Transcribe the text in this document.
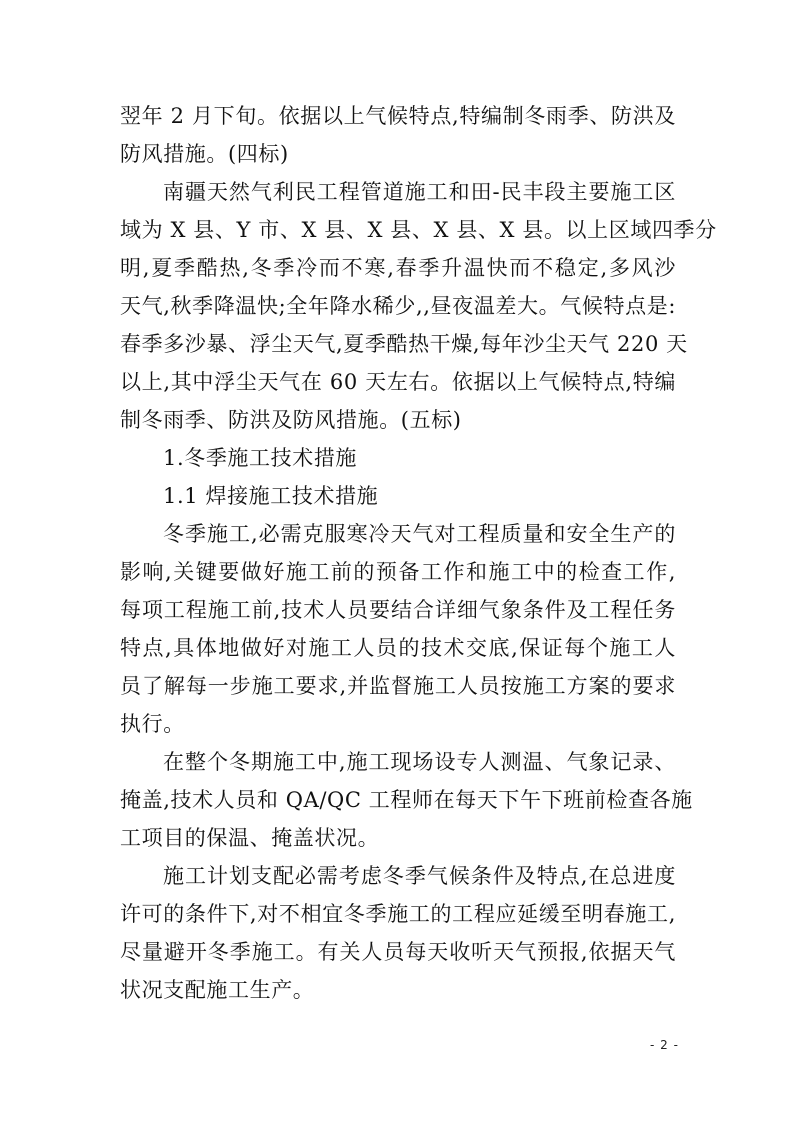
翌年 2 月下旬。依据以上气候特点,特编制冬雨季、防洪及
防风措施。(四标)
南疆天然气利民工程管道施工和田-民丰段主要施工区
域为 X 县、Y 市、X 县、X 县、X 县、X 县。以上区域四季分
明,夏季酷热,冬季冷而不寒,春季升温快而不稳定,多风沙
天气,秋季降温快;全年降水稀少,,昼夜温差大。气候特点是:
春季多沙暴、浮尘天气,夏季酷热干燥,每年沙尘天气 220 天
以上,其中浮尘天气在 60 天左右。依据以上气候特点,特编
制冬雨季、防洪及防风措施。(五标)
1.冬季施工技术措施
1.1 焊接施工技术措施
冬季施工,必需克服寒冷天气对工程质量和安全生产的
影响,关键要做好施工前的预备工作和施工中的检查工作,
每项工程施工前,技术人员要结合详细气象条件及工程任务
特点,具体地做好对施工人员的技术交底,保证每个施工人
员了解每一步施工要求,并监督施工人员按施工方案的要求
执行。
在整个冬期施工中,施工现场设专人测温、气象记录、
掩盖,技术人员和 QA/QC 工程师在每天下午下班前检查各施
工项目的保温、掩盖状况。
施工计划支配必需考虑冬季气候条件及特点,在总进度
许可的条件下,对不相宜冬季施工的工程应延缓至明春施工,
尽量避开冬季施工。有关人员每天收听天气预报,依据天气
状况支配施工生产。
- 2 -
